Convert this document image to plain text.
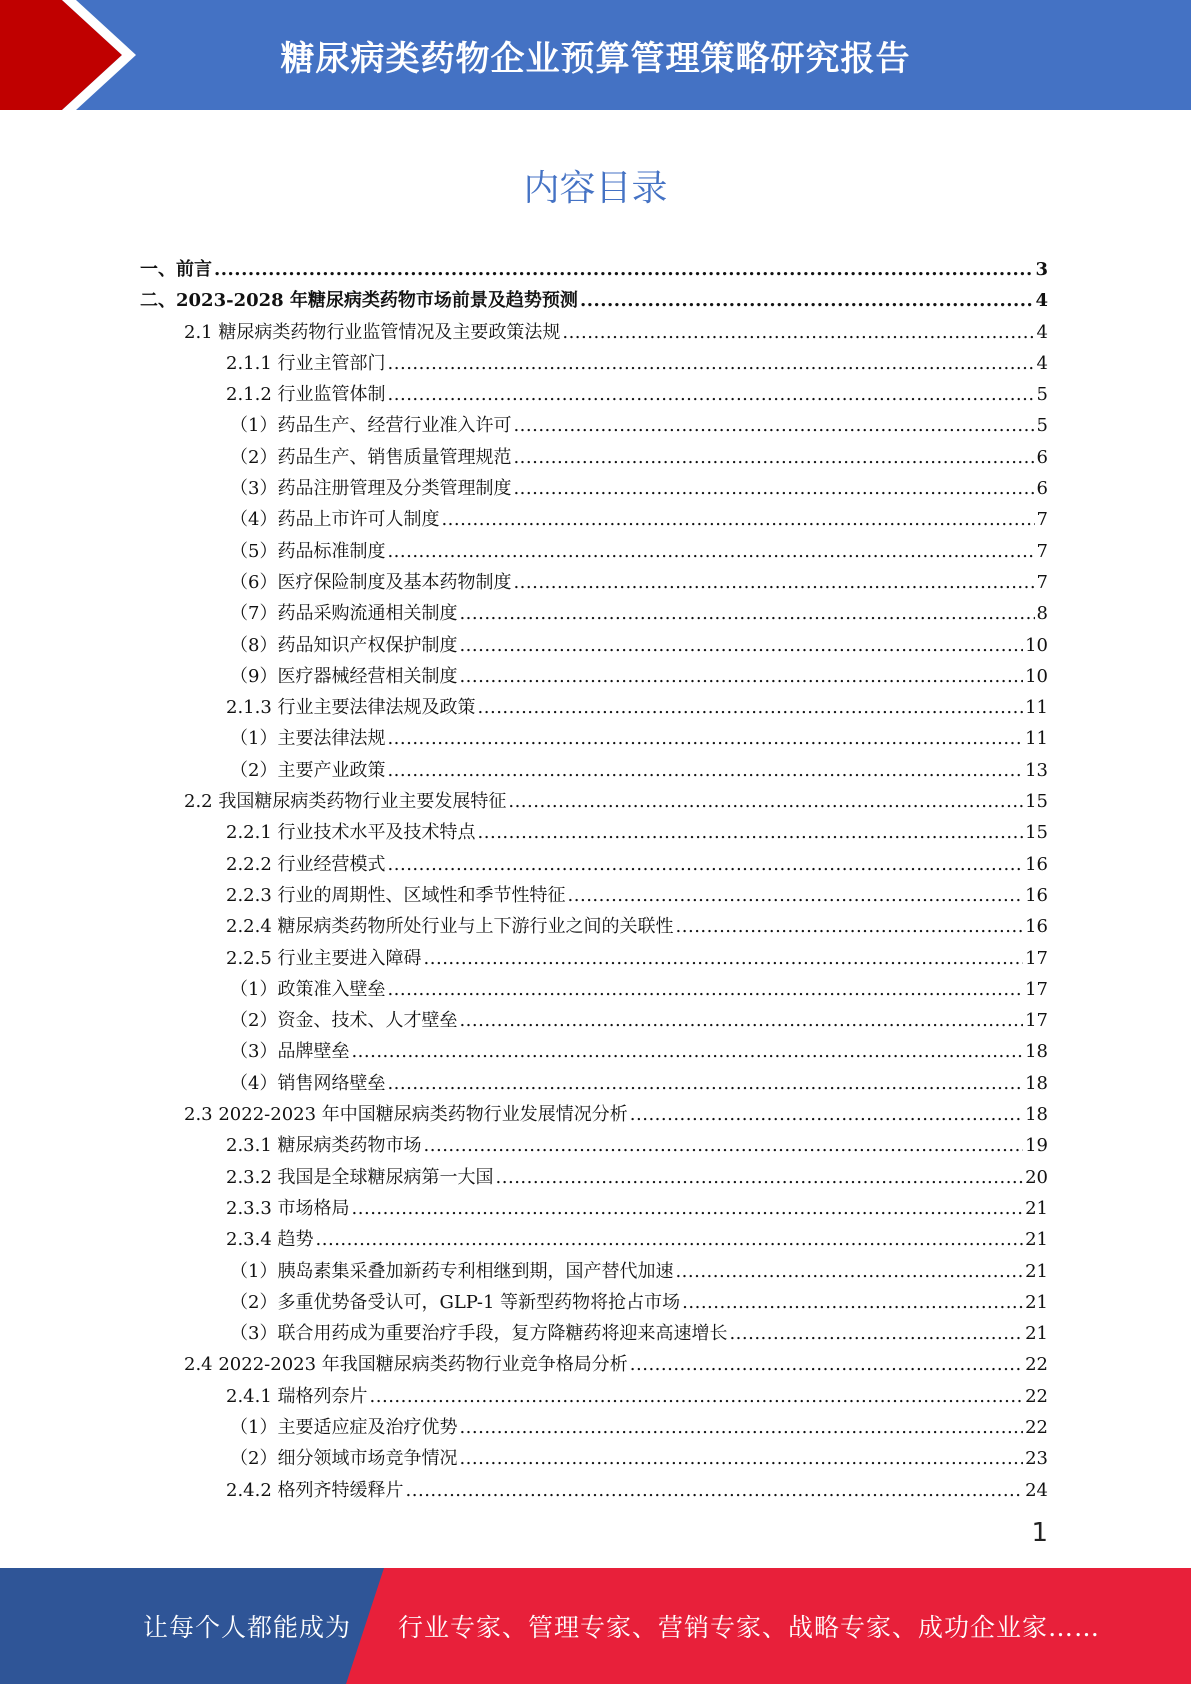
糖尿病类药物企业预算管理策略研究报告
内容目录
一、前言 .....	3
二、2023-2028 年糖尿病类药物市场前景及趋势预测 .....	4
2.1 糖尿病类药物行业监管情况及主要政策法规 .....	4
2.1.1 行业主管部门 .....	4
2.1.2 行业监管体制 .....	5
（1）药品生产、经营行业准入许可 .....	5
（2）药品生产、销售质量管理规范 .....	6
（3）药品注册管理及分类管理制度 .....	6
（4）药品上市许可人制度 .....	7
（5）药品标准制度 .....	7
（6）医疗保险制度及基本药物制度 .....	7
（7）药品采购流通相关制度 .....	8
（8）药品知识产权保护制度 .....	10
（9）医疗器械经营相关制度 .....	10
2.1.3 行业主要法律法规及政策 .....	11
（1）主要法律法规 .....	11
（2）主要产业政策 .....	13
2.2 我国糖尿病类药物行业主要发展特征 .....	15
2.2.1 行业技术水平及技术特点 .....	15
2.2.2 行业经营模式 .....	16
2.2.3 行业的周期性、区域性和季节性特征 .....	16
2.2.4 糖尿病类药物所处行业与上下游行业之间的关联性 .....	16
2.2.5 行业主要进入障碍 .....	17
（1）政策准入壁垒 .....	17
（2）资金、技术、人才壁垒 .....	17
（3）品牌壁垒 .....	18
（4）销售网络壁垒 .....	18
2.3 2022-2023 年中国糖尿病类药物行业发展情况分析 .....	18
2.3.1 糖尿病类药物市场 .....	19
2.3.2 我国是全球糖尿病第一大国 .....	20
2.3.3 市场格局 .....	21
2.3.4 趋势 .....	21
（1）胰岛素集采叠加新药专利相继到期，国产替代加速 .....	21
（2）多重优势备受认可，GLP-1 等新型药物将抢占市场 .....	21
（3）联合用药成为重要治疗手段，复方降糖药将迎来高速增长 .....	21
2.4 2022-2023 年我国糖尿病类药物行业竞争格局分析 .....	22
2.4.1 瑞格列奈片 .....	22
（1）主要适应症及治疗优势 .....	22
（2）细分领域市场竞争情况 .....	23
2.4.2 格列齐特缓释片 .....	24
1
让每个人都能成为 行业专家、管理专家、营销专家、战略专家、成功企业家……
